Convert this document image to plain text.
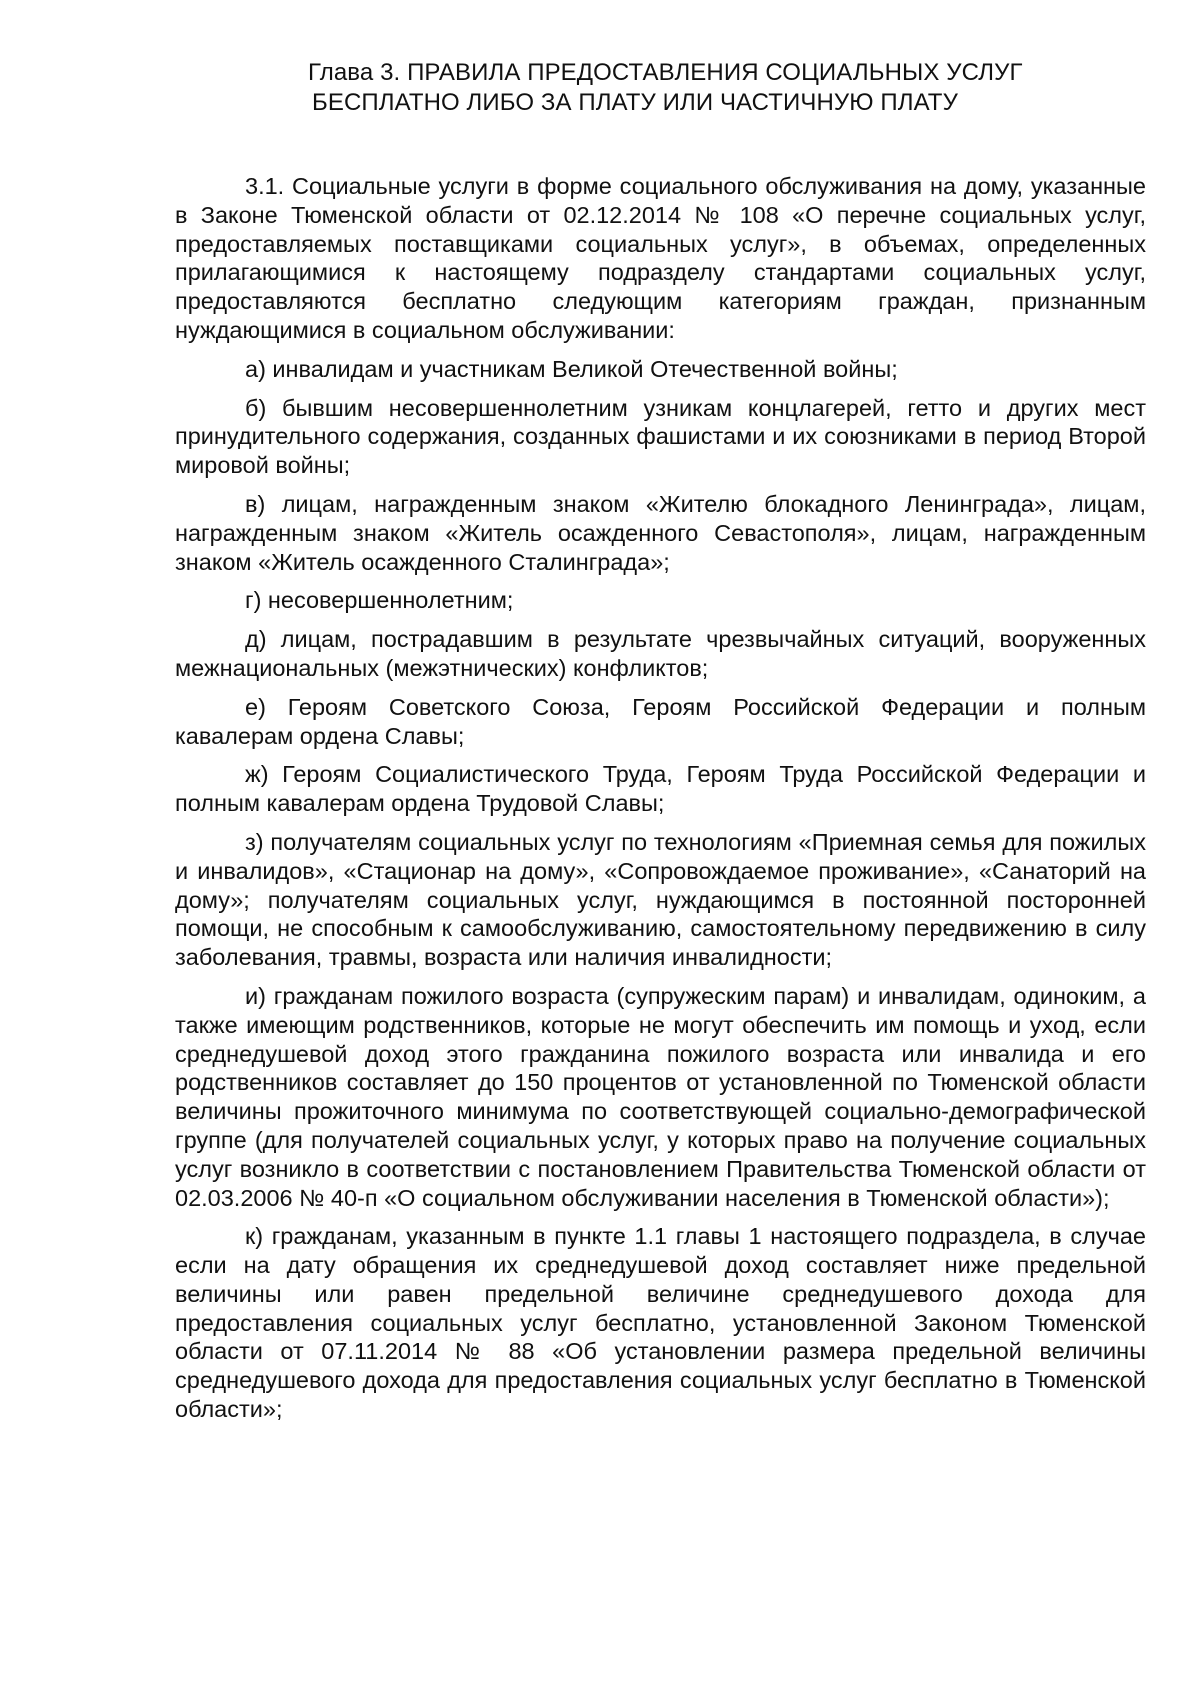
Глава 3. ПРАВИЛА ПРЕДОСТАВЛЕНИЯ СОЦИАЛЬНЫХ УСЛУГ
БЕСПЛАТНО ЛИБО ЗА ПЛАТУ ИЛИ ЧАСТИЧНУЮ ПЛАТУ

3.1. Социальные услуги в форме социального обслуживания на дому, указанные в Законе Тюменской области от 02.12.2014 № 108 «О перечне социальных услуг, предоставляемых поставщиками социальных услуг», в объемах, определенных прилагающимися к настоящему подразделу стандартами социальных услуг, предоставляются бесплатно следующим категориям граждан, признанным нуждающимися в социальном обслуживании:

а) инвалидам и участникам Великой Отечественной войны;

б) бывшим несовершеннолетним узникам концлагерей, гетто и других мест принудительного содержания, созданных фашистами и их союзниками в период Второй мировой войны;

в) лицам, награжденным знаком «Жителю блокадного Ленинграда», лицам, награжденным знаком «Житель осажденного Севастополя», лицам, награжденным знаком «Житель осажденного Сталинграда»;

г) несовершеннолетним;

д) лицам, пострадавшим в результате чрезвычайных ситуаций, вооруженных межнациональных (межэтнических) конфликтов;

е) Героям Советского Союза, Героям Российской Федерации и полным кавалерам ордена Славы;

ж) Героям Социалистического Труда, Героям Труда Российской Федерации и полным кавалерам ордена Трудовой Славы;

з) получателям социальных услуг по технологиям «Приемная семья для пожилых и инвалидов», «Стационар на дому», «Сопровождаемое проживание», «Санаторий на дому»; получателям социальных услуг, нуждающимся в постоянной посторонней помощи, не способным к самообслуживанию, самостоятельному передвижению в силу заболевания, травмы, возраста или наличия инвалидности;

и) гражданам пожилого возраста (супружеским парам) и инвалидам, одиноким, а также имеющим родственников, которые не могут обеспечить им помощь и уход, если среднедушевой доход этого гражданина пожилого возраста или инвалида и его родственников составляет до 150 процентов от установленной по Тюменской области величины прожиточного минимума по соответствующей социально-демографической группе (для получателей социальных услуг, у которых право на получение социальных услуг возникло в соответствии с постановлением Правительства Тюменской области от 02.03.2006 № 40-п «О социальном обслуживании населения в Тюменской области»);

к) гражданам, указанным в пункте 1.1 главы 1 настоящего подраздела, в случае если на дату обращения их среднедушевой доход составляет ниже предельной величины или равен предельной величине среднедушевого дохода для предоставления социальных услуг бесплатно, установленной Законом Тюменской области от 07.11.2014 № 88 «Об установлении размера предельной величины среднедушевого дохода для предоставления социальных услуг бесплатно в Тюменской области»;
